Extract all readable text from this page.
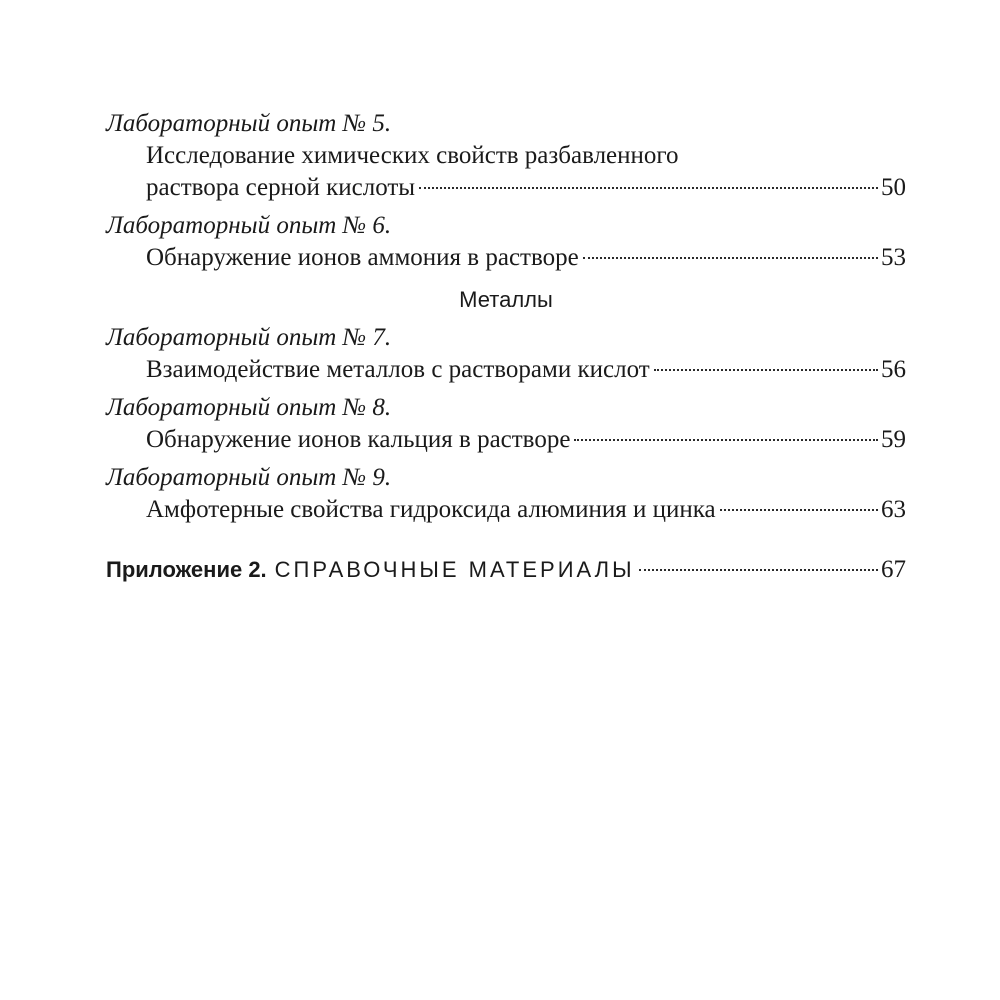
Лабораторный опыт № 5.
Исследование химических свойств разбавленного
раствора серной кислоты	50
Лабораторный опыт № 6.
Обнаружение ионов аммония в растворе	53
Металлы
Лабораторный опыт № 7.
Взаимодействие металлов с растворами кислот	56
Лабораторный опыт № 8.
Обнаружение ионов кальция в растворе	59
Лабораторный опыт № 9.
Амфотерные свойства гидроксида алюминия и цинка	63
Приложение 2. СПРАВОЧНЫЕ МАТЕРИАЛЫ	67
